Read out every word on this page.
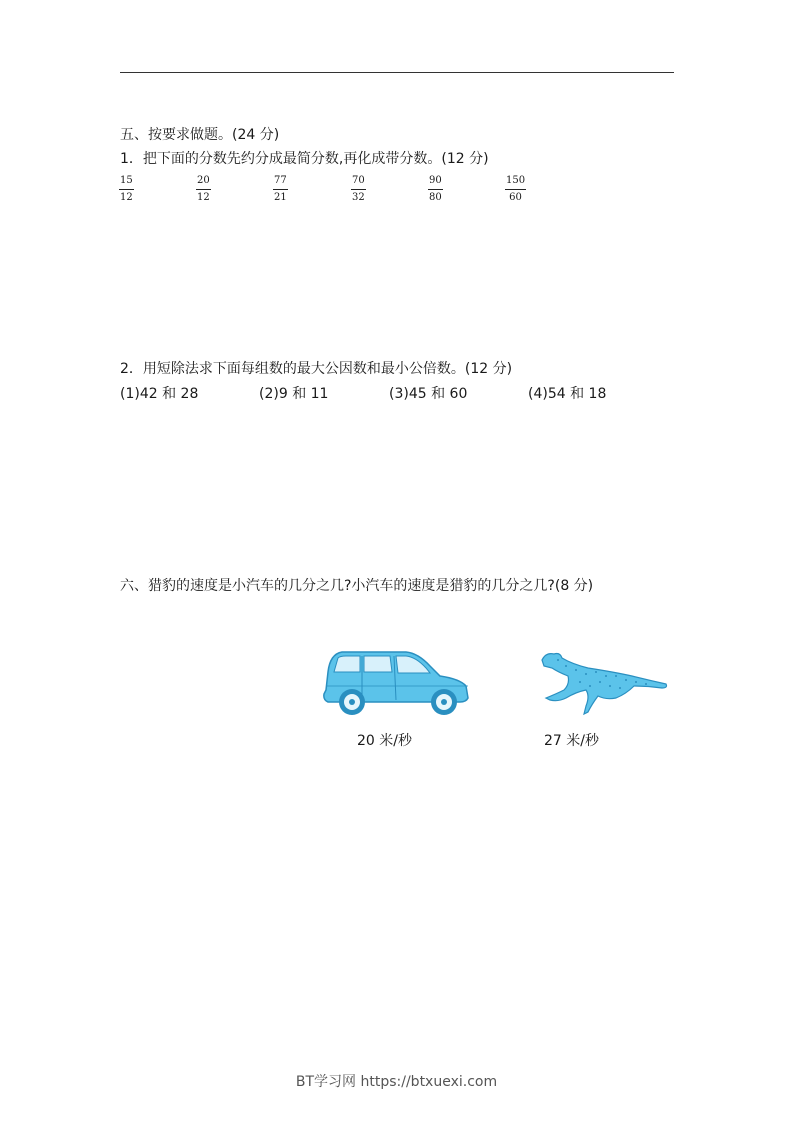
五、按要求做题。(24 分)
1．把下面的分数先约分成最简分数,再化成带分数。(12 分)
15
12
20
12
77
21
70
32
90
80
150
60
2．用短除法求下面每组数的最大公因数和最小公倍数。(12 分)
(1)42 和 28	(2)9 和 11	(3)45 和 60	(4)54 和 18
六、猎豹的速度是小汽车的几分之几?小汽车的速度是猎豹的几分之几?(8 分)
20 米/秒	27 米/秒
BT学习网 https://btxuexi.com
